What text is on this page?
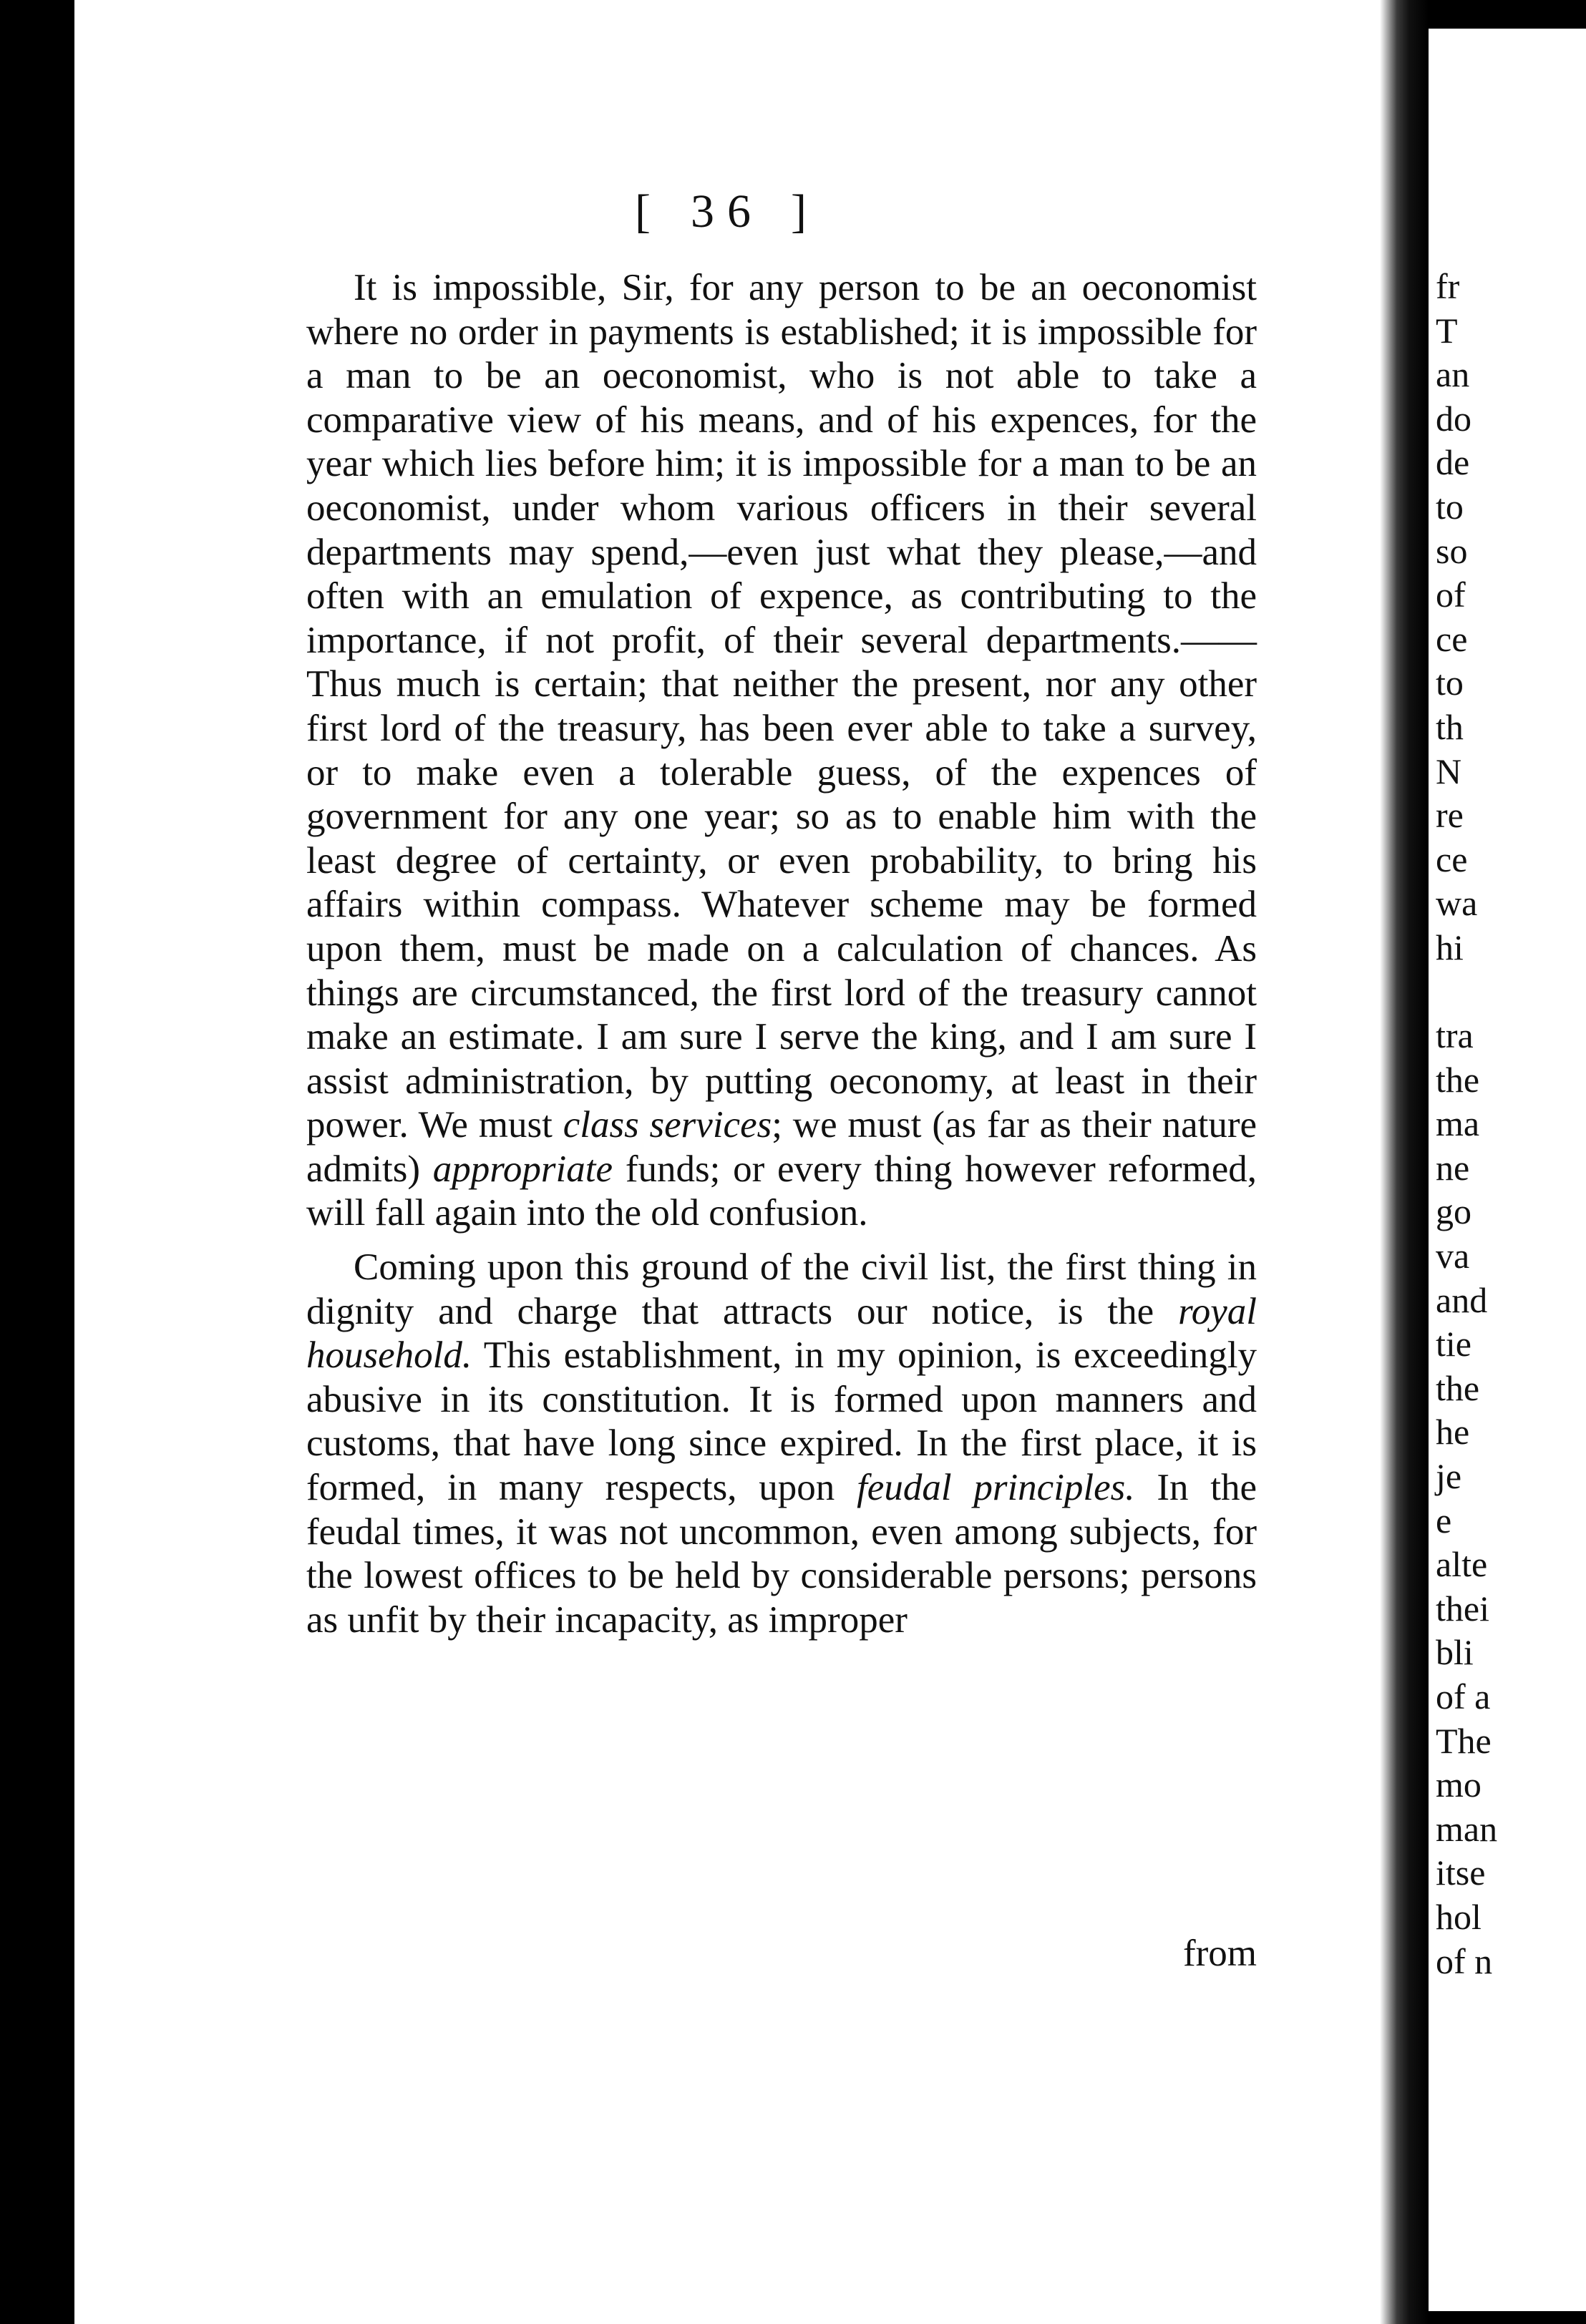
[ 36 ]

It is impossible, Sir, for any person to be an oeconomist where no order in payments is established; it is impossible for a man to be an oeconomist, who is not able to take a comparative view of his means, and of his expences, for the year which lies before him; it is impossible for a man to be an oeconomist, under whom various officers in their several departments may spend,—even just what they please,—and often with an emulation of expence, as contributing to the importance, if not profit, of their several departments.—— Thus much is certain; that neither the present, nor any other first lord of the treasury, has been ever able to take a survey, or to make even a tolerable guess, of the expences of government for any one year; so as to enable him with the least degree of certainty, or even probability, to bring his affairs within compass. Whatever scheme may be formed upon them, must be made on a calculation of chances. As things are circumstanced, the first lord of the treasury cannot make an estimate. I am sure I serve the king, and I am sure I assist administration, by putting oeconomy, at least in their power. We must class services; we must (as far as their nature admits) appropriate funds; or every thing however reformed, will fall again into the old confusion.

Coming upon this ground of the civil list, the first thing in dignity and charge that attracts our notice, is the royal household. This establishment, in my opinion, is exceedingly abusive in its constitution. It is formed upon manners and customs, that have long since expired. In the first place, it is formed, in many respects, upon feudal principles. In the feudal times, it was not uncommon, even among subjects, for the lowest offices to be held by considerable persons; persons as unfit by their incapacity, as improper

from
fr
T
an
do
de
to
so
of
ce
to
th
N
re
ce
wa
hi
tra
the
ma
ne
go
va
and
tie
the
he
je
e
alte
thei
bli
of a
The
mo
man
itse
hol
of n
